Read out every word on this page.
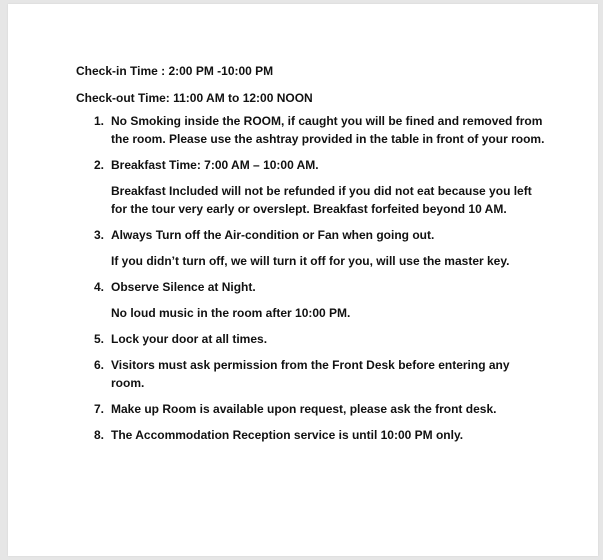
Check-in Time : 2:00 PM -10:00 PM

Check-out Time: 11:00 AM to 12:00 NOON

1. No Smoking inside the ROOM, if caught you will be fined and removed from the room. Please use the ashtray provided in the table in front of your room.

2. Breakfast Time: 7:00 AM – 10:00 AM.

Breakfast Included will not be refunded if you did not eat because you left for the tour very early or overslept. Breakfast forfeited beyond 10 AM.

3. Always Turn off the Air-condition or Fan when going out.

If you didn’t turn off, we will turn it off for you, will use the master key.

4. Observe Silence at Night.

No loud music in the room after 10:00 PM.

5. Lock your door at all times.

6. Visitors must ask permission from the Front Desk before entering any room.

7. Make up Room is available upon request, please ask the front desk.

8. The Accommodation Reception service is until 10:00 PM only.
